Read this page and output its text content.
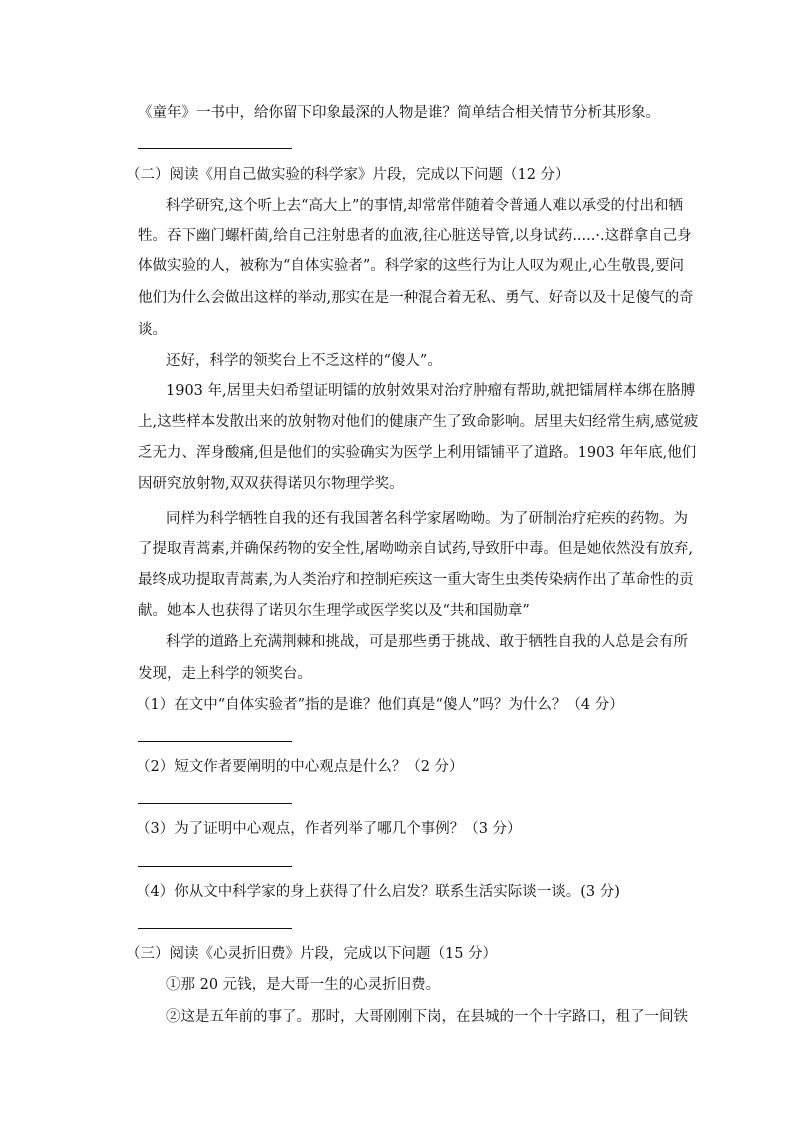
《童年》一书中，给你留下印象最深的人物是谁？简单结合相关情节分析其形象。
（二）阅读《用自己做实验的科学家》片段，完成以下问题（12 分）
科学研究,这个听上去“高大上”的事情,却常常伴随着令普通人难以承受的付出和牺
牲。吞下幽门螺杆菌,给自己注射患者的血液,往心脏送导管,以身试药.....·.这群拿自己身
体做实验的人，被称为“自体实验者”。科学家的这些行为让人叹为观止,心生敬畏,要问
他们为什么会做出这样的举动,那实在是一种混合着无私、勇气、好奇以及十足傻气的奇
谈。
还好，科学的领奖台上不乏这样的“傻人”。
1903 年,居里夫妇希望证明镭的放射效果对治疗肿瘤有帮助,就把镭屑样本绑在胳膊
上,这些样本发散出来的放射物对他们的健康产生了致命影响。居里夫妇经常生病,感觉疲
乏无力、浑身酸痛,但是他们的实验确实为医学上利用镭铺平了道路。1903 年年底,他们
因研究放射物,双双获得诺贝尔物理学奖。
同样为科学牺牲自我的还有我国著名科学家屠呦呦。为了研制治疗疟疾的药物。为
了提取青蒿素,并确保药物的安全性,屠呦呦亲自试药,导致肝中毒。但是她依然没有放弃,
最终成功提取青蒿素,为人类治疗和控制疟疾这一重大寄生虫类传染病作出了革命性的贡
献。她本人也获得了诺贝尔生理学或医学奖以及“共和国勋章”
科学的道路上充满荆棘和挑战，可是那些勇于挑战、敢于牺牲自我的人总是会有所
发现，走上科学的领奖台。
（1）在文中“自体实验者”指的是谁？他们真是“傻人”吗？为什么？（4 分）
（2）短文作者要阐明的中心观点是什么？（2 分）
（3）为了证明中心观点，作者列举了哪几个事例？（3 分）
（4）你从文中科学家的身上获得了什么启发？联系生活实际谈一谈。(3 分)
（三）阅读《心灵折旧费》片段，完成以下问题（15 分）
①那 20 元钱，是大哥一生的心灵折旧费。
②这是五年前的事了。那时，大哥刚刚下岗，在县城的一个十字路口，租了一间铁
